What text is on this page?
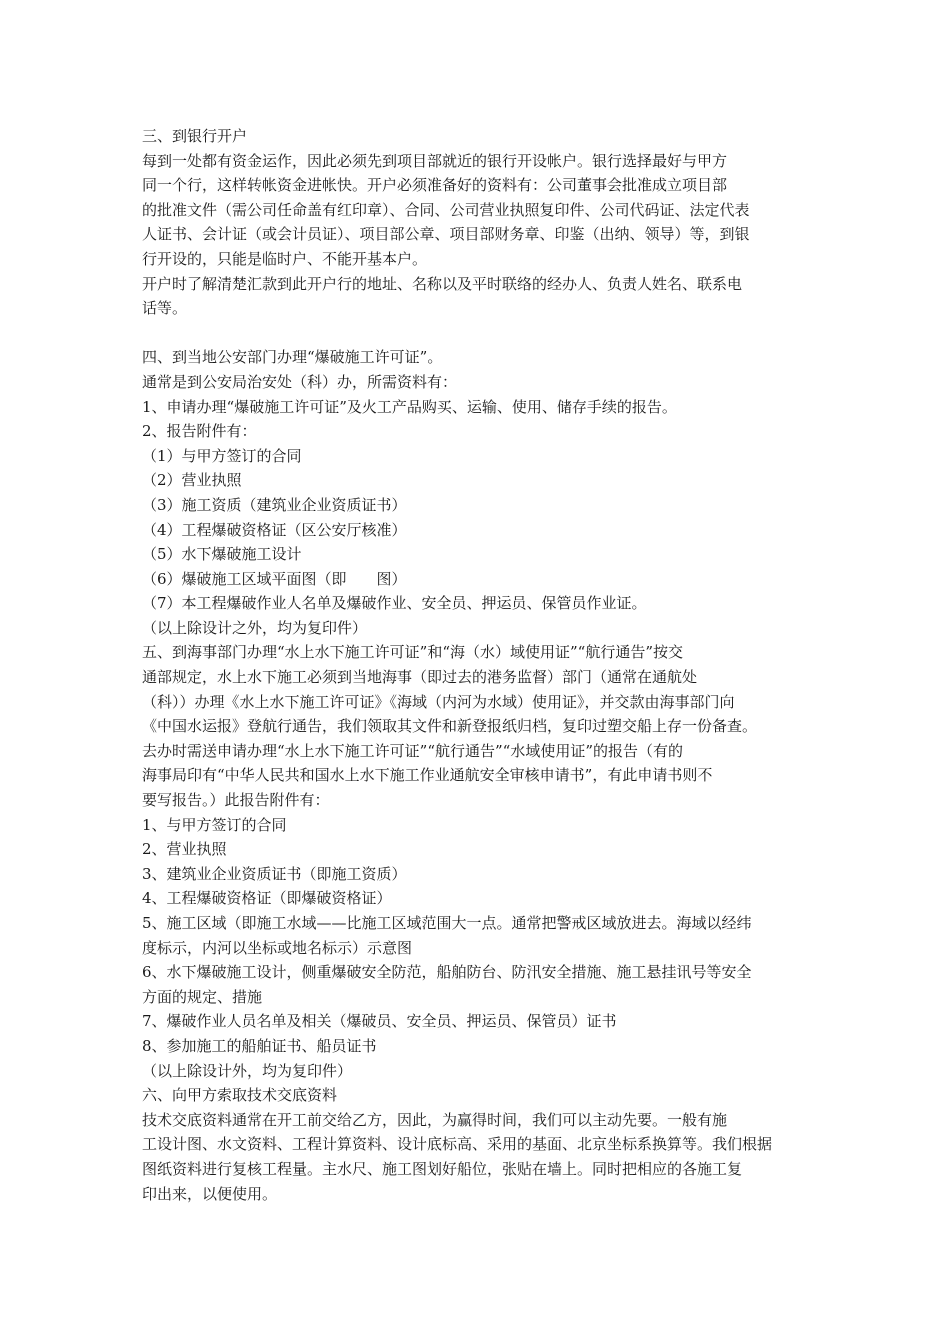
三、到银行开户
每到一处都有资金运作，因此必须先到项目部就近的银行开设帐户。银行选择最好与甲方
同一个行，这样转帐资金进帐快。开户必须准备好的资料有：公司董事会批准成立项目部
的批准文件（需公司任命盖有红印章）、合同、公司营业执照复印件、公司代码证、法定代表
人证书、会计证（或会计员证）、项目部公章、项目部财务章、印鉴（出纳、领导）等，到银
行开设的，只能是临时户、不能开基本户。
开户时了解清楚汇款到此开户行的地址、名称以及平时联络的经办人、负责人姓名、联系电
话等。
四、到当地公安部门办理“爆破施工许可证”。
通常是到公安局治安处（科）办，所需资料有：
1、申请办理“爆破施工许可证”及火工产品购买、运输、使用、储存手续的报告。
2、报告附件有：
（1）与甲方签订的合同
（2）营业执照
（3）施工资质（建筑业企业资质证书）
（4）工程爆破资格证（区公安厅核准）
（5）水下爆破施工设计
（6）爆破施工区域平面图（即　　图）
（7）本工程爆破作业人名单及爆破作业、安全员、押运员、保管员作业证。
（以上除设计之外，均为复印件）
五、到海事部门办理“水上水下施工许可证”和“海（水）域使用证”“航行通告”按交
通部规定，水上水下施工必须到当地海事（即过去的港务监督）部门（通常在通航处
（科））办理《水上水下施工许可证》《海域（内河为水域）使用证》，并交款由海事部门向
《中国水运报》登航行通告，我们领取其文件和新登报纸归档，复印过塑交船上存一份备查。
去办时需送申请办理“水上水下施工许可证”“航行通告”“水域使用证”的报告（有的
海事局印有“中华人民共和国水上水下施工作业通航安全审核申请书”，有此申请书则不
要写报告。）此报告附件有：
1、与甲方签订的合同
2、营业执照
3、建筑业企业资质证书（即施工资质）
4、工程爆破资格证（即爆破资格证）
5、施工区域（即施工水域——比施工区域范围大一点。通常把警戒区域放进去。海域以经纬
度标示，内河以坐标或地名标示）示意图
6、水下爆破施工设计，侧重爆破安全防范，船舶防台、防汛安全措施、施工悬挂讯号等安全
方面的规定、措施
7、爆破作业人员名单及相关（爆破员、安全员、押运员、保管员）证书
8、参加施工的船舶证书、船员证书
（以上除设计外，均为复印件）
六、向甲方索取技术交底资料
技术交底资料通常在开工前交给乙方，因此，为赢得时间，我们可以主动先要。一般有施
工设计图、水文资料、工程计算资料、设计底标高、采用的基面、北京坐标系换算等。我们根据
图纸资料进行复核工程量。主水尺、施工图划好船位，张贴在墙上。同时把相应的各施工复
印出来，以便使用。
